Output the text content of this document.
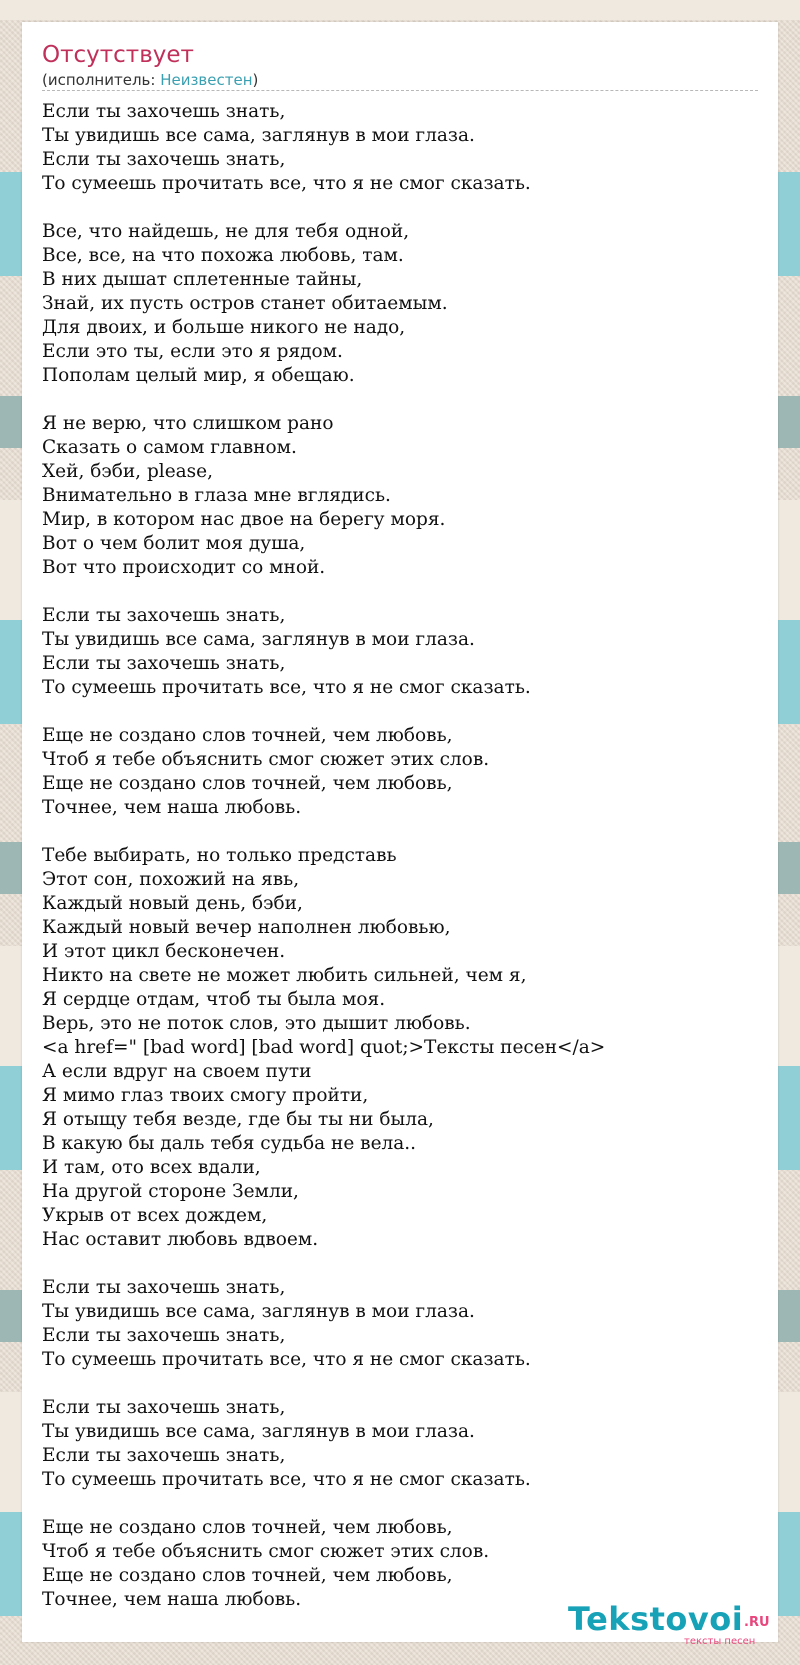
Отсутствует
(исполнитель: Неизвестен)
Если ты захочешь знать,
Ты увидишь все сама, заглянув в мои глаза.
Если ты захочешь знать,
То сумеешь прочитать все, что я не смог сказать.
Все, что найдешь, не для тебя одной,
Все, все, на что похожа любовь, там.
В них дышат сплетенные тайны,
Знай, их пусть остров станет обитаемым.
Для двоих, и больше никого не надо,
Если это ты, если это я рядом.
Пополам целый мир, я обещаю.
Я не верю, что слишком рано
Сказать о самом главном.
Хей, бэби, please,
Внимательно в глаза мне вглядись.
Мир, в котором нас двое на берегу моря.
Вот о чем болит моя душа,
Вот что происходит со мной.
Если ты захочешь знать,
Ты увидишь все сама, заглянув в мои глаза.
Если ты захочешь знать,
То сумеешь прочитать все, что я не смог сказать.
Еще не создано слов точней, чем любовь,
Чтоб я тебе объяснить смог сюжет этих слов.
Еще не создано слов точней, чем любовь,
Точнее, чем наша любовь.
Тебе выбирать, но только представь
Этот сон, похожий на явь,
Каждый новый день, бэби,
Каждый новый вечер наполнен любовью,
И этот цикл бесконечен.
Никто на свете не может любить сильней, чем я,
Я сердце отдам, чтоб ты была моя.
Верь, это не поток слов, это дышит любовь.
<a href=" [bad word] [bad word] quot;>Тексты песен</a>
А если вдруг на своем пути
Я мимо глаз твоих смогу пройти,
Я отыщу тебя везде, где бы ты ни была,
В какую бы даль тебя судьба не вела..
И там, ото всех вдали,
На другой стороне Земли,
Укрыв от всех дождем,
Нас оставит любовь вдвоем.
Если ты захочешь знать,
Ты увидишь все сама, заглянув в мои глаза.
Если ты захочешь знать,
То сумеешь прочитать все, что я не смог сказать.
Если ты захочешь знать,
Ты увидишь все сама, заглянув в мои глаза.
Если ты захочешь знать,
То сумеешь прочитать все, что я не смог сказать.
Еще не создано слов точней, чем любовь,
Чтоб я тебе объяснить смог сюжет этих слов.
Еще не создано слов точней, чем любовь,
Точнее, чем наша любовь.
Tekstovoi .RU
тексты песен
